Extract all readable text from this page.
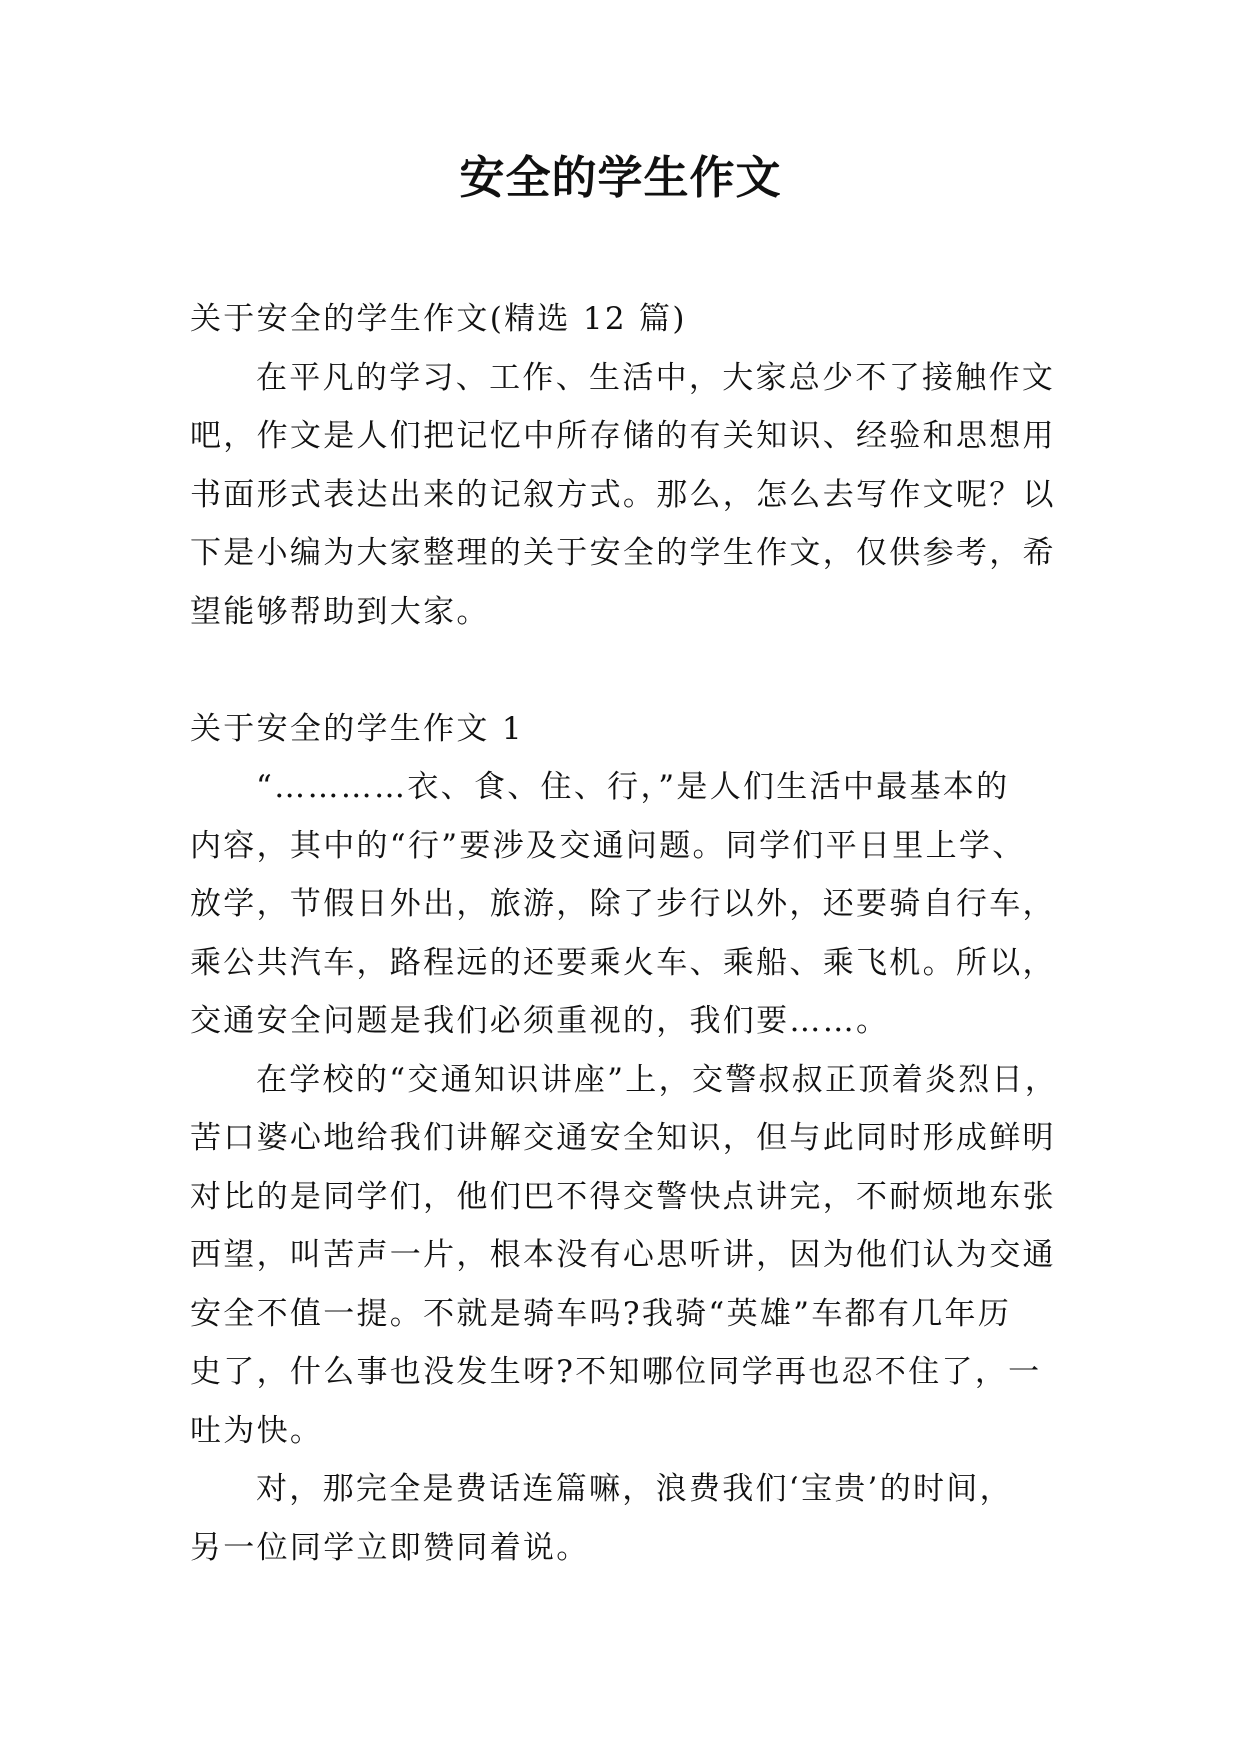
安全的学生作文
关于安全的学生作文(精选 12 篇)
在平凡的学习、工作、生活中，大家总少不了接触作文
吧，作文是人们把记忆中所存储的有关知识、经验和思想用
书面形式表达出来的记叙方式。那么，怎么去写作文呢？以
下是小编为大家整理的关于安全的学生作文，仅供参考，希
望能够帮助到大家。
关于安全的学生作文 1
“…………衣、食、住、行，”是人们生活中最基本的
内容，其中的“行”要涉及交通问题。同学们平日里上学、
放学，节假日外出，旅游，除了步行以外，还要骑自行车，
乘公共汽车，路程远的还要乘火车、乘船、乘飞机。所以，
交通安全问题是我们必须重视的，我们要……。
在学校的“交通知识讲座”上，交警叔叔正顶着炎烈日，
苦口婆心地给我们讲解交通安全知识，但与此同时形成鲜明
对比的是同学们，他们巴不得交警快点讲完，不耐烦地东张
西望，叫苦声一片，根本没有心思听讲，因为他们认为交通
安全不值一提。不就是骑车吗?我骑“英雄”车都有几年历
史了，什么事也没发生呀?不知哪位同学再也忍不住了，一
吐为快。
对，那完全是费话连篇嘛，浪费我们‘宝贵’的时间，
另一位同学立即赞同着说。
